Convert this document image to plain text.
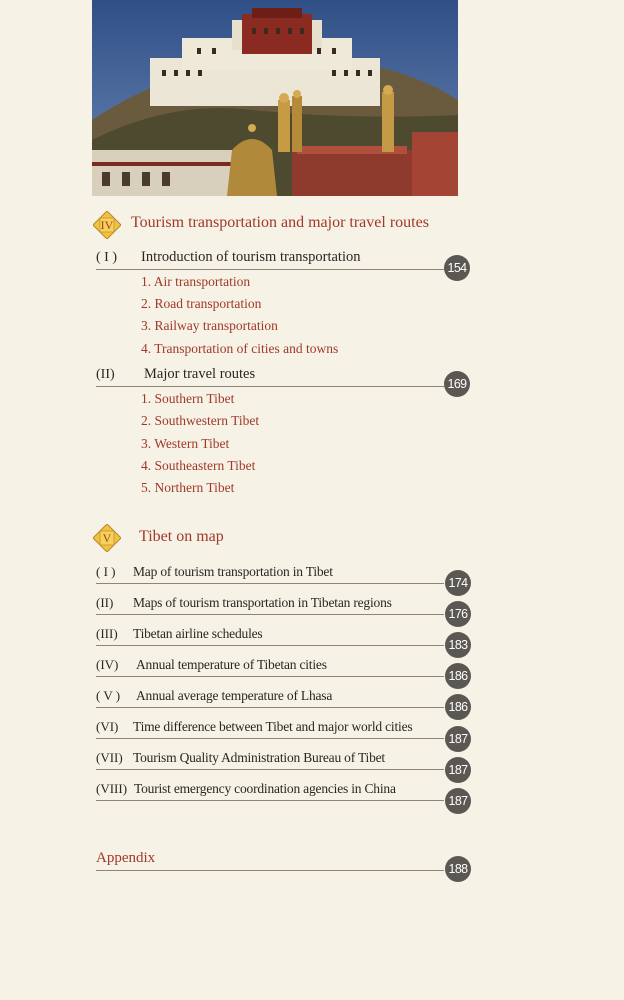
IV	Tourism transportation and major travel routes
( I ) Introduction of tourism transportation
154
1. Air transportation
2. Road transportation
3. Railway transportation
4. Transportation of cities and towns
(II) Major travel routes
169
1. Southern Tibet
2. Southwestern Tibet
3. Western Tibet
4. Southeastern Tibet
5. Northern Tibet
V	Tibet on map
( I ) Map of tourism transportation in Tibet
174
(II) Maps of tourism transportation in Tibetan regions
176
(III) Tibetan airline schedules
183
(IV) Annual temperature of Tibetan cities
186
( V ) Annual average temperature of Lhasa
186
(VI) Time difference between Tibet and major world cities
187
(VII) Tourism Quality Administration Bureau of Tibet
187
(VIII) Tourist emergency coordination agencies in China
187
Appendix
188
